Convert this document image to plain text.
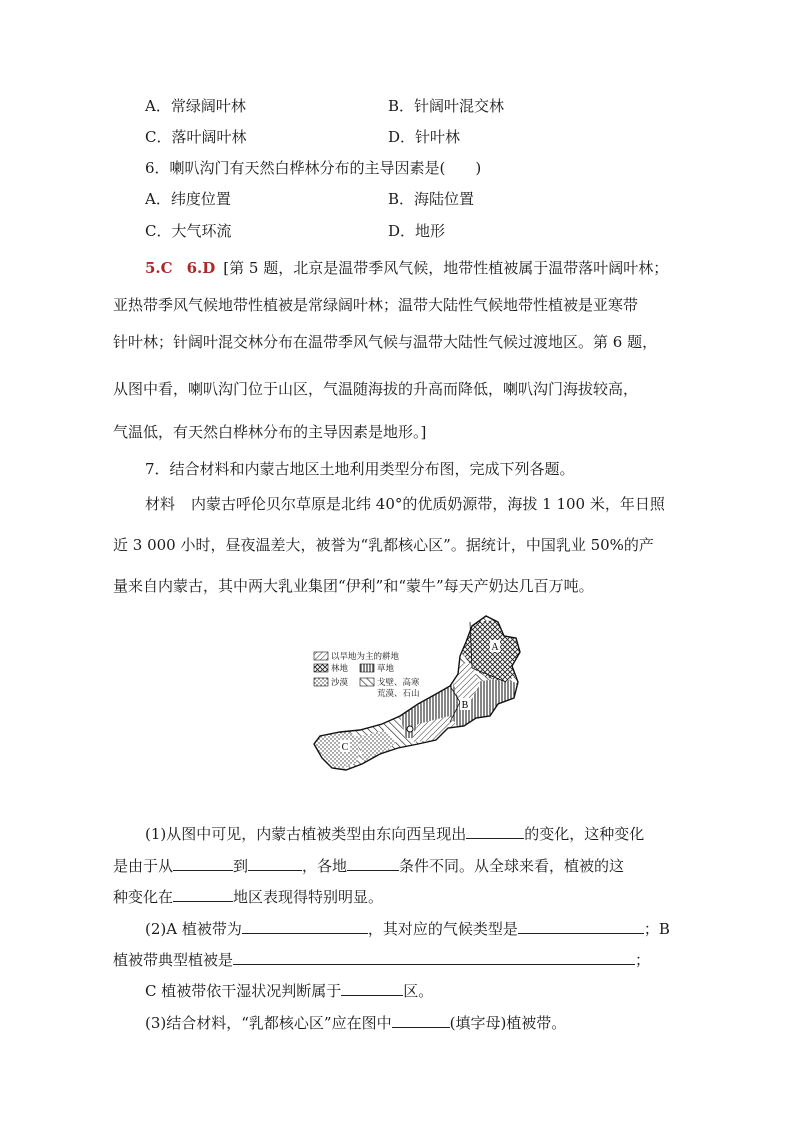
A．常绿阔叶林	B．针阔叶混交林
C．落叶阔叶林	D．针叶林
6．喇叭沟门有天然白桦林分布的主导因素是(　　)
A．纬度位置	B．海陆位置
C．大气环流	D．地形
5.C 6.D [第 5 题，北京是温带季风气候，地带性植被属于温带落叶阔叶林；
亚热带季风气候地带性植被是常绿阔叶林；温带大陆性气候地带性植被是亚寒带
针叶林；针阔叶混交林分布在温带季风气候与温带大陆性气候过渡地区。第 6 题，
从图中看，喇叭沟门位于山区，气温随海拔的升高而降低，喇叭沟门海拔较高，
气温低，有天然白桦林分布的主导因素是地形。]
7．结合材料和内蒙古地区土地利用类型分布图，完成下列各题。
材料 内蒙古呼伦贝尔草原是北纬 40°的优质奶源带，海拔 1 100 米，年日照
近 3 000 小时，昼夜温差大，被誉为“乳都核心区”。据统计，中国乳业 50%的产
量来自内蒙古，其中两大乳业集团“伊利”和“蒙牛”每天产奶达几百万吨。
A
B
C
以旱地为主的耕地
林地	草地
沙漠	戈壁、高寒
荒漠、石山
(1)从图中可见，内蒙古植被类型由东向西呈现出	的变化，这种变化
是由于从	到	，各地	条件不同。从全球来看，植被的这
种变化在	地区表现得特别明显。
(2)A 植被带为	，其对应的气候类型是	；B
植被带典型植被是	；
C 植被带依干湿状况判断属于	区。
(3)结合材料，“乳都核心区”应在图中	(填字母)植被带。
